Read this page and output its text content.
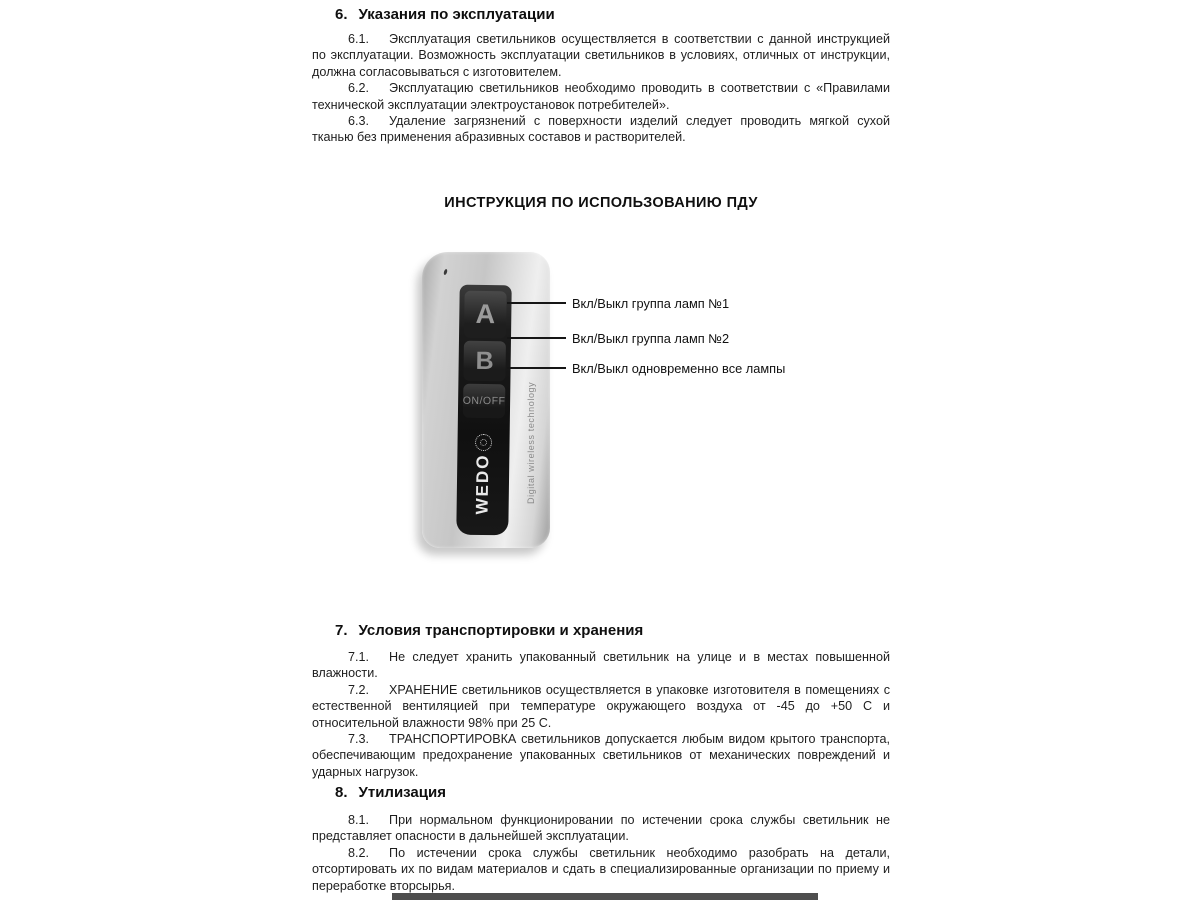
6. Указания по эксплуатации

6.1. Эксплуатация светильников осуществляется в соответствии с данной инструкцией по эксплуатации. Возможность эксплуатации светильников в условиях, отличных от инструкции, должна согласовываться с изготовителем.

6.2. Эксплуатацию светильников необходимо проводить в соответствии с «Правилами технической эксплуатации электроустановок потребителей».

6.3. Удаление загрязнений с поверхности изделий следует проводить мягкой сухой тканью без применения абразивных составов и растворителей.

ИНСТРУКЦИЯ ПО ИСПОЛЬЗОВАНИЮ ПДУ
A
B
ON/OFF
WEDO	Digital wireless technology
Вкл/Выкл группа ламп №1
Вкл/Выкл группа ламп №2
Вкл/Выкл одновременно все лампы
7. Условия транспортировки и хранения

7.1. Не следует хранить упакованный светильник на улице и в местах повышенной влажности.

7.2. ХРАНЕНИЕ светильников осуществляется в упаковке изготовителя в помещениях с естественной вентиляцией при температуре окружающего воздуха от -45 до +50 С и относительной влажности 98% при 25 С.

7.3. ТРАНСПОРТИРОВКА светильников допускается любым видом крытого транспорта, обеспечивающим предохранение упакованных светильников от механических повреждений и ударных нагрузок.

8. Утилизация

8.1. При нормальном функционировании по истечении срока службы светильник не представляет опасности в дальнейшей эксплуатации.

8.2. По истечении срока службы светильник необходимо разобрать на детали, отсортировать их по видам материалов и сдать в специализированные организации по приему и переработке вторсырья.
